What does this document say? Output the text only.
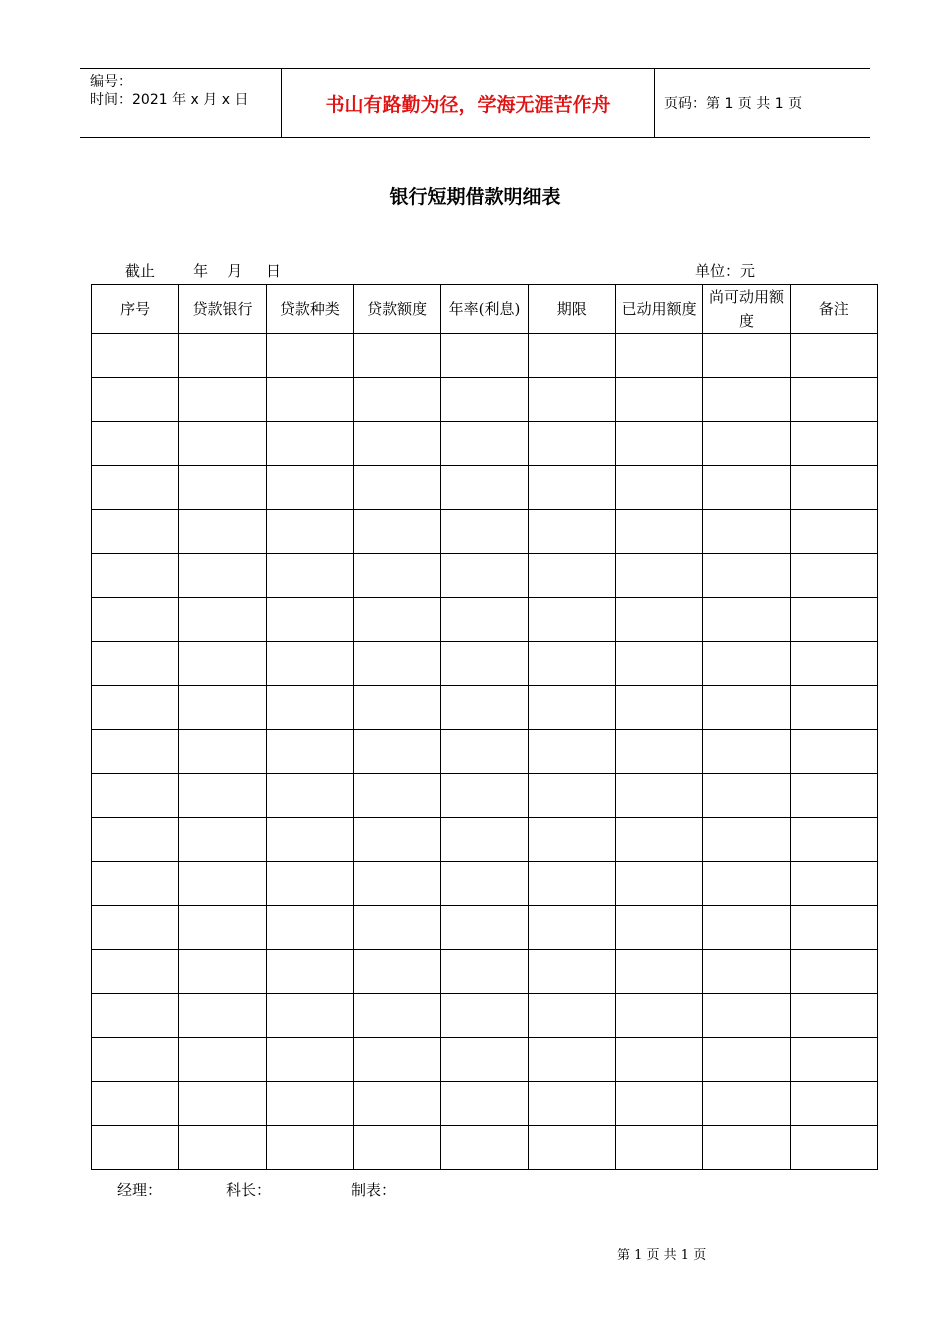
编号：
时间：2021 年 x 月 x 日	书山有路勤为径，学海无涯苦作舟	页码：第 1 页 共 1 页
银行短期借款明细表
截止        年    月     日	单位：元
序号	贷款银行	贷款种类	贷款额度	年率(利息)	期限	已动用额度	尚可动用额度	备注

经理：	科长：	制表：
第 1 页 共 1 页
